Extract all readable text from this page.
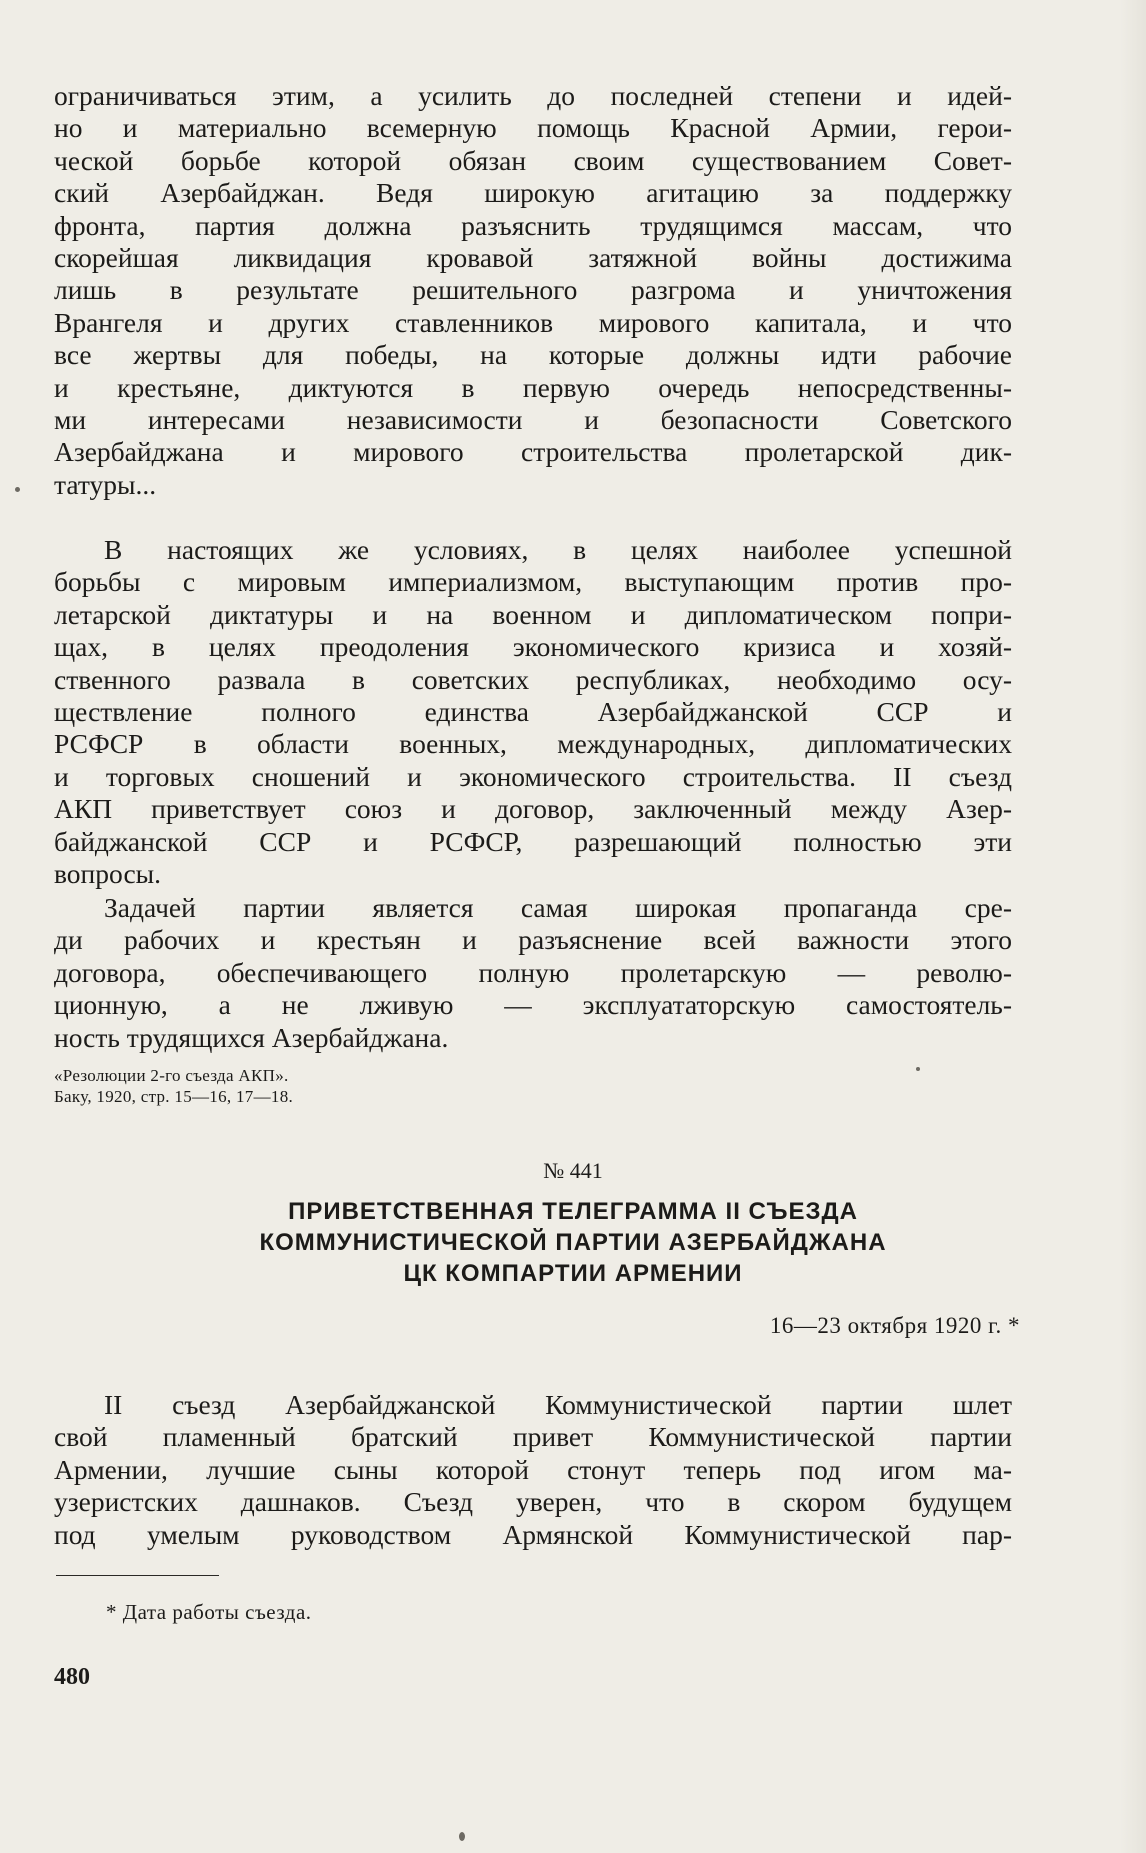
ограничиваться этим, а усилить до последней степени и идей-
но и материально всемерную помощь Красной Армии, герои-
ческой борьбе которой обязан своим существованием Совет-
ский Азербайджан. Ведя широкую агитацию за поддержку
фронта, партия должна разъяснить трудящимся массам, что
скорейшая ликвидация кровавой затяжной войны достижима
лишь в результате решительного разгрома и уничтожения
Врангеля и других ставленников мирового капитала, и что
все жертвы для победы, на которые должны идти рабочие
и крестьяне, диктуются в первую очередь непосредственны-
ми интересами независимости и безопасности Советского
Азербайджана и мирового строительства пролетарской дик-
татуры...

В настоящих же условиях, в целях наиболее успешной
борьбы с мировым империализмом, выступающим против про-
летарской диктатуры и на военном и дипломатическом попри-
щах, в целях преодоления экономического кризиса и хозяй-
ственного развала в советских республиках, необходимо осу-
ществление полного единства Азербайджанской ССР и
РСФСР в области военных, международных, дипломатических
и торговых сношений и экономического строительства. II съезд
АКП приветствует союз и договор, заключенный между Азер-
байджанской ССР и РСФСР, разрешающий полностью эти
вопросы.

Задачей партии является самая широкая пропаганда сре-
ди рабочих и крестьян и разъяснение всей важности этого
договора, обеспечивающего полную пролетарскую — револю-
ционную, а не лживую — эксплуататорскую самостоятель-
ность трудящихся Азербайджана.

«Резолюции 2-го съезда АКП».
Баку, 1920, стр. 15—16, 17—18.
№ 441
ПРИВЕТСТВЕННАЯ ТЕЛЕГРАММА II СЪЕЗДА
КОММУНИСТИЧЕСКОЙ ПАРТИИ АЗЕРБАЙДЖАНА
ЦК КОМПАРТИИ АРМЕНИИ
16—23 октября 1920 г. *

II съезд Азербайджанской Коммунистической партии шлет
свой пламенный братский привет Коммунистической партии
Армении, лучшие сыны которой стонут теперь под игом ма-
узеристских дашнаков. Съезд уверен, что в скором будущем
под умелым руководством Армянской Коммунистической пар-

* Дата работы съезда.
480
